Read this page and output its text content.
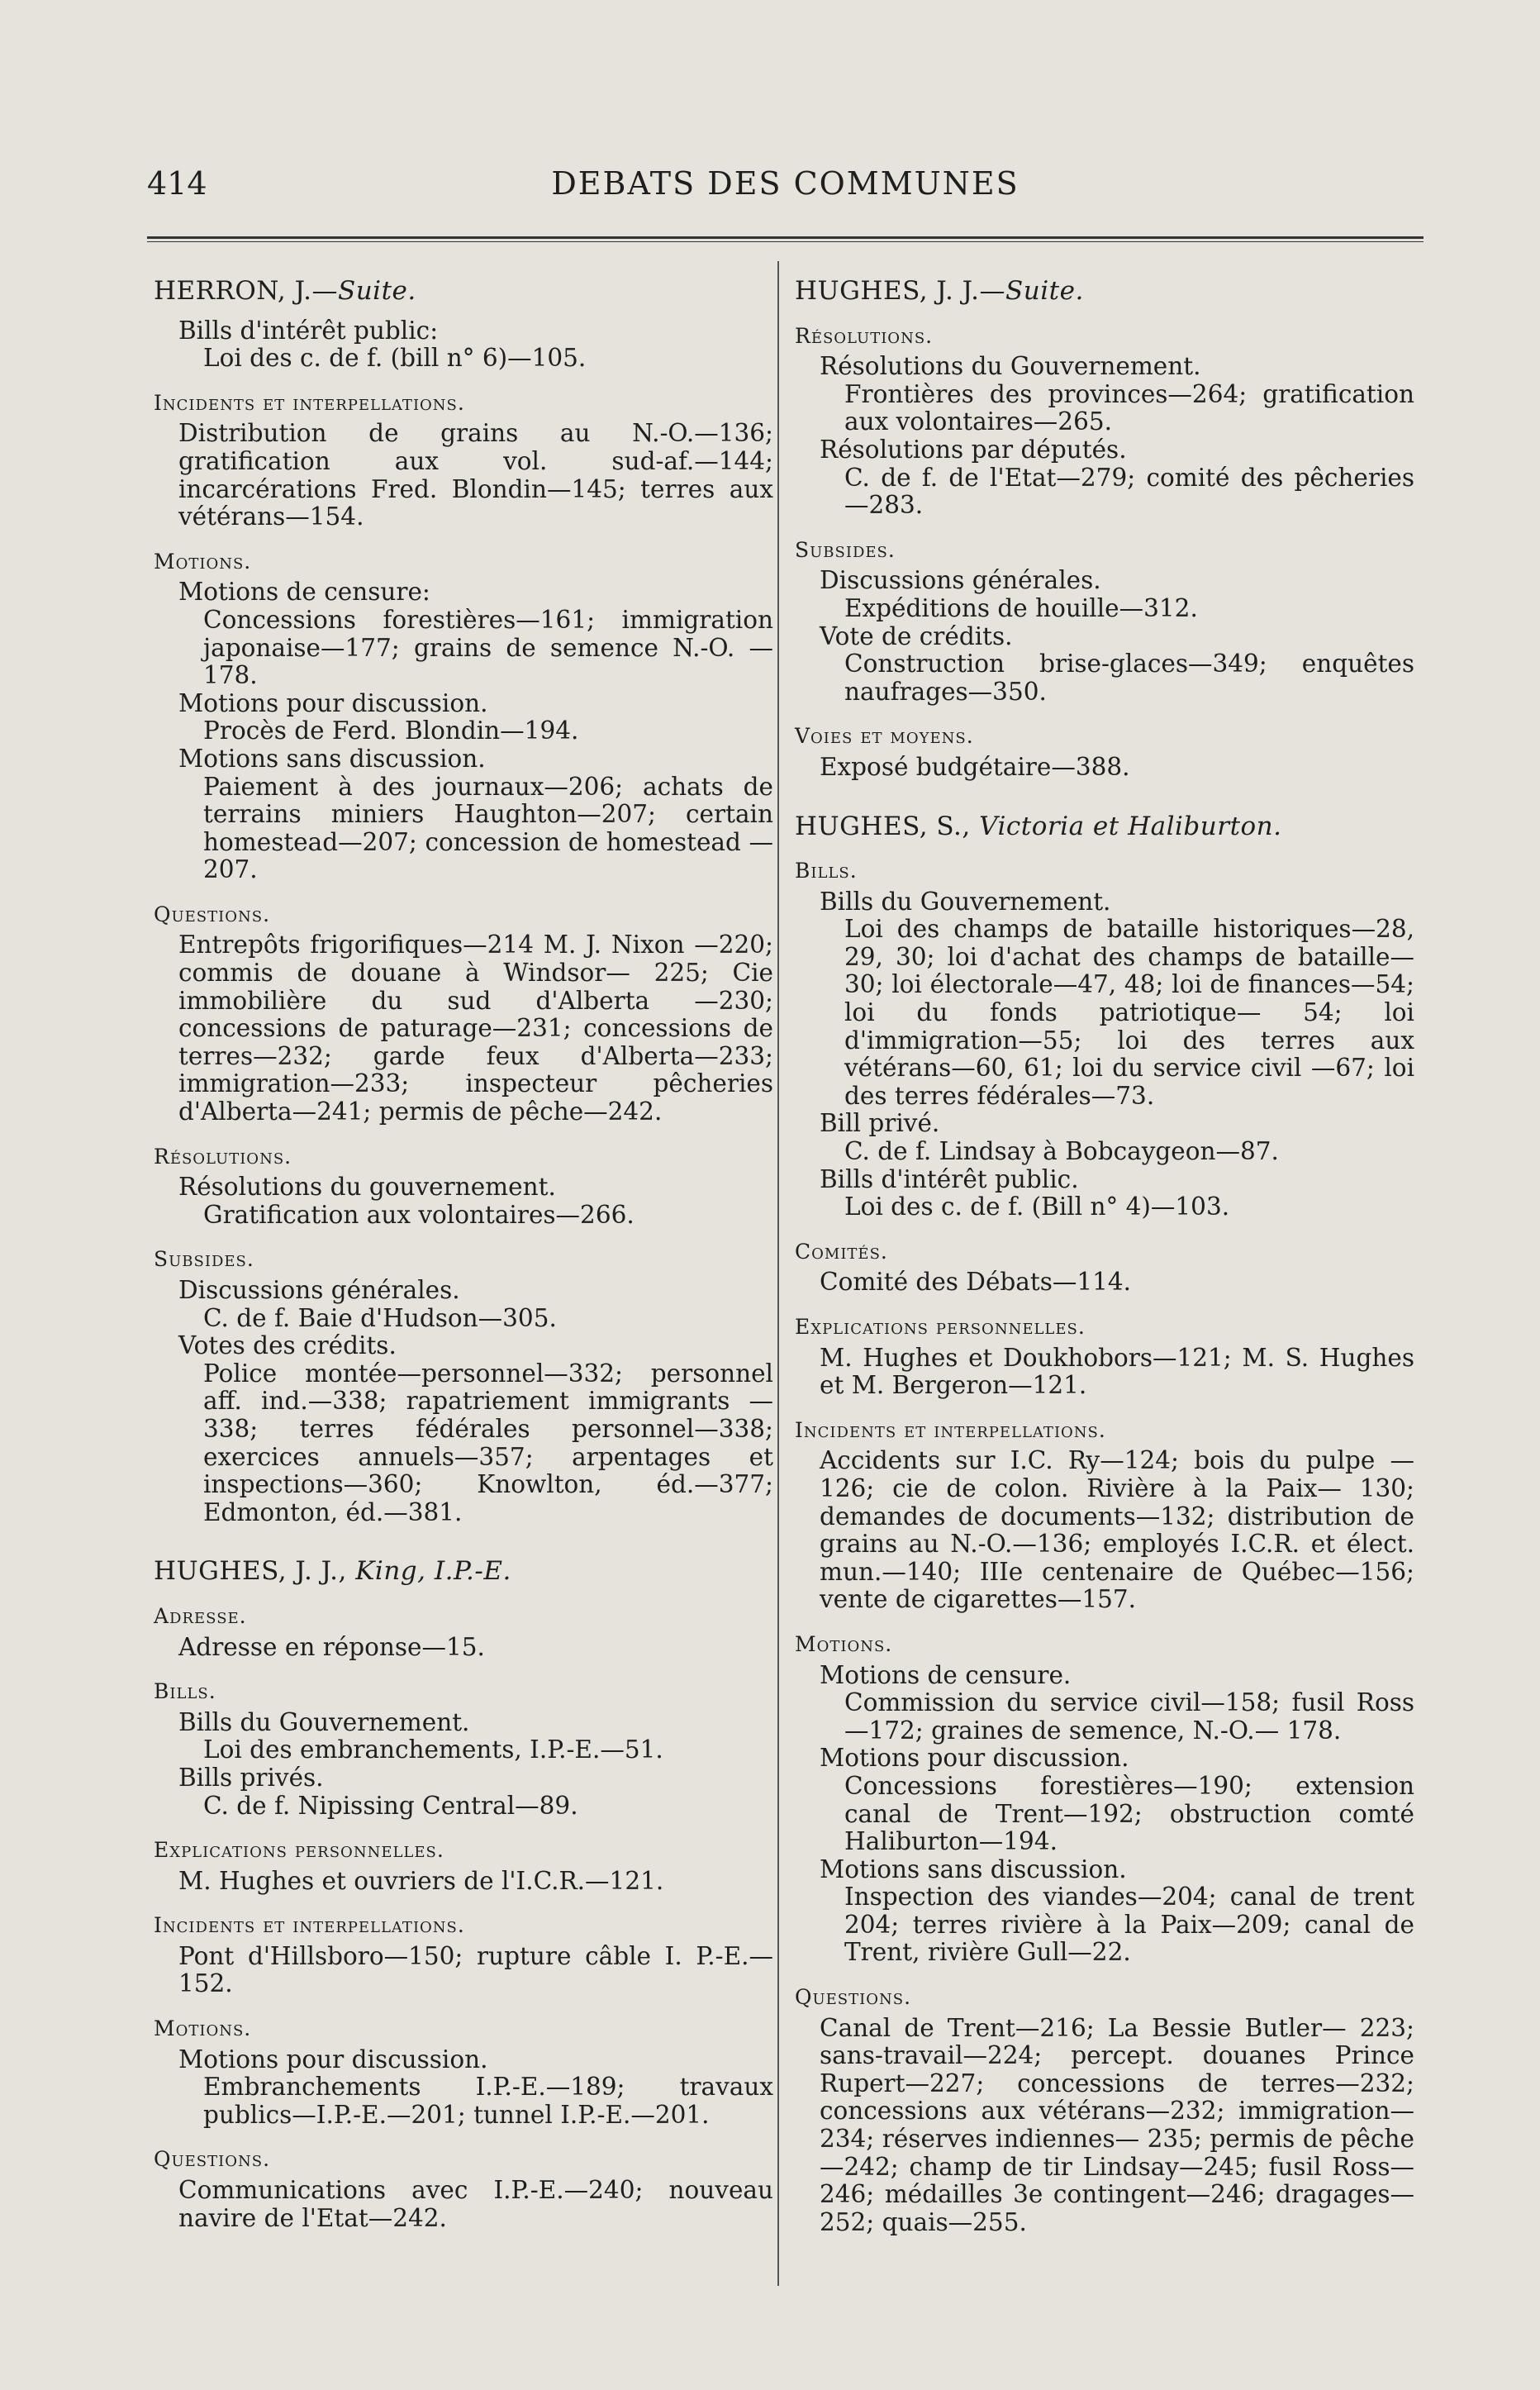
414	DEBATS DES COMMUNES
HERRON, J.—Suite.
Bills d'intérêt public:
Loi des c. de f. (bill n° 6)—105.
Incidents et interpellations.
Distribution de grains au N.-O.—136; gratification aux vol. sud-af.—144; incarcérations Fred. Blondin—145; terres aux vétérans—154.
Motions.
Motions de censure:
Concessions forestières—161; immigration japonaise—177; grains de semence N.-O. —178.
Motions pour discussion.
Procès de Ferd. Blondin—194.
Motions sans discussion.
Paiement à des journaux—206; achats de terrains miniers Haughton—207; certain homestead—207; concession de homestead —207.
Questions.
Entrepôts frigorifiques—214 M. J. Nixon —220; commis de douane à Windsor— 225; Cie immobilière du sud d'Alberta —230; concessions de paturage—231; concessions de terres—232; garde feux d'Alberta—233; immigration—233; inspecteur pêcheries d'Alberta—241; permis de pêche—242.
Résolutions.
Résolutions du gouvernement.
Gratification aux volontaires—266.
Subsides.
Discussions générales.
C. de f. Baie d'Hudson—305.
Votes des crédits.
Police montée—personnel—332; personnel aff. ind.—338; rapatriement immigrants —338; terres fédérales personnel—338; exercices annuels—357; arpentages et inspections—360; Knowlton, éd.—377; Edmonton, éd.—381.
HUGHES, J. J., King, I.P.-E.
Adresse.
Adresse en réponse—15.
Bills.
Bills du Gouvernement.
Loi des embranchements, I.P.-E.—51.
Bills privés.
C. de f. Nipissing Central—89.
Explications personnelles.
M. Hughes et ouvriers de l'I.C.R.—121.
Incidents et interpellations.
Pont d'Hillsboro—150; rupture câble I. P.-E.—152.
Motions.
Motions pour discussion.
Embranchements I.P.-E.—189; travaux publics—I.P.-E.—201; tunnel I.P.-E.—201.
Questions.
Communications avec I.P.-E.—240; nouveau navire de l'Etat—242.
HUGHES, J. J.—Suite.
Résolutions.
Résolutions du Gouvernement.
Frontières des provinces—264; gratification aux volontaires—265.
Résolutions par députés.
C. de f. de l'Etat—279; comité des pêcheries—283.
Subsides.
Discussions générales.
Expéditions de houille—312.
Vote de crédits.
Construction brise-glaces—349; enquêtes naufrages—350.
Voies et moyens.
Exposé budgétaire—388.
HUGHES, S., Victoria et Haliburton.
Bills.
Bills du Gouvernement.
Loi des champs de bataille historiques—28, 29, 30; loi d'achat des champs de bataille—30; loi électorale—47, 48; loi de finances—54; loi du fonds patriotique— 54; loi d'immigration—55; loi des terres aux vétérans—60, 61; loi du service civil —67; loi des terres fédérales—73.
Bill privé.
C. de f. Lindsay à Bobcaygeon—87.
Bills d'intérêt public.
Loi des c. de f. (Bill n° 4)—103.
Comités.
Comité des Débats—114.
Explications personnelles.
M. Hughes et Doukhobors—121; M. S. Hughes et M. Bergeron—121.
Incidents et interpellations.
Accidents sur I.C. Ry—124; bois du pulpe —126; cie de colon. Rivière à la Paix— 130; demandes de documents—132; distribution de grains au N.-O.—136; employés I.C.R. et élect. mun.—140; IIIe centenaire de Québec—156; vente de cigarettes—157.
Motions.
Motions de censure.
Commission du service civil—158; fusil Ross—172; graines de semence, N.-O.— 178.
Motions pour discussion.
Concessions forestières—190; extension canal de Trent—192; obstruction comté Haliburton—194.
Motions sans discussion.
Inspection des viandes—204; canal de trent 204; terres rivière à la Paix—209; canal de Trent, rivière Gull—22.
Questions.
Canal de Trent—216; La Bessie Butler— 223; sans-travail—224; percept. douanes Prince Rupert—227; concessions de terres—232; concessions aux vétérans—232; immigration—234; réserves indiennes— 235; permis de pêche—242; champ de tir Lindsay—245; fusil Ross—246; médailles 3e contingent—246; dragages—252; quais—255.
